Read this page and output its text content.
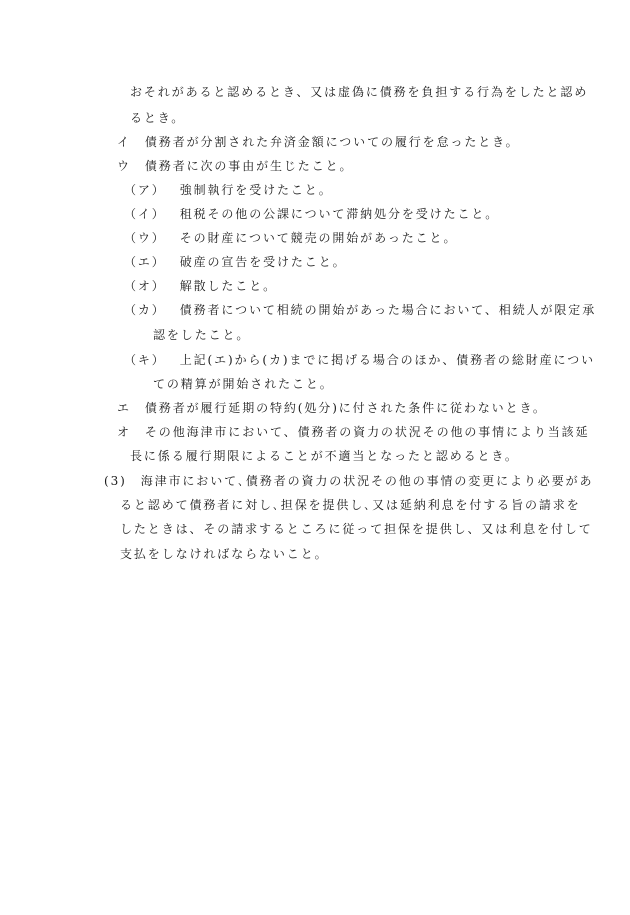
おそれがあると認めるとき、又は虚偽に債務を負担する行為をしたと認め
るとき。
イ 債務者が分割された弁済金額についての履行を怠ったとき。
ウ 債務者に次の事由が生じたこと。
（ア） 強制執行を受けたこと。
（イ） 租税その他の公課について滞納処分を受けたこと。
（ウ） その財産について競売の開始があったこと。
（エ） 破産の宣告を受けたこと。
（オ） 解散したこと。
（カ） 債務者について相続の開始があった場合において、相続人が限定承
認をしたこと。
（キ） 上記(エ)から(カ)までに掲げる場合のほか、債務者の総財産につい
ての精算が開始されたこと。
エ 債務者が履行延期の特約(処分)に付された条件に従わないとき。
オ その他海津市において、債務者の資力の状況その他の事情により当該延
長に係る履行期限によることが不適当となったと認めるとき。
(3) 海津市において､債務者の資力の状況その他の事情の変更により必要があ
ると認めて債務者に対し､担保を提供し､又は延納利息を付する旨の請求を
したときは、その請求するところに従って担保を提供し、又は利息を付して
支払をしなければならないこと。
